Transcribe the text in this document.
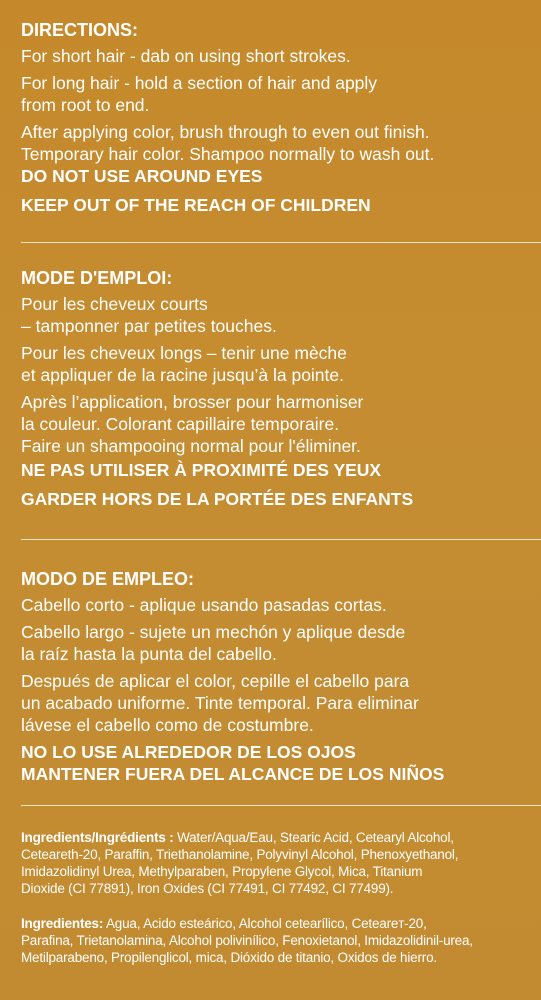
DIRECTIONS:
For short hair - dab on using short strokes.
For long hair - hold a section of hair and apply
from root to end.
After applying color, brush through to even out finish.
Temporary hair color. Shampoo normally to wash out.
DO NOT USE AROUND EYES
KEEP OUT OF THE REACH OF CHILDREN
MODE D'EMPLOI:
Pour les cheveux courts
– tamponner par petites touches.
Pour les cheveux longs – tenir une mèche
et appliquer de la racine jusqu’à la pointe.
Après l’application, brosser pour harmoniser
la couleur. Colorant capillaire temporaire.
Faire un shampooing normal pour l'éliminer.
NE PAS UTILISER À PROXIMITÉ DES YEUX
GARDER HORS DE LA PORTÉE DES ENFANTS
MODO DE EMPLEO:
Cabello corto - aplique usando pasadas cortas.
Cabello largo - sujete un mechón y aplique desde
la raíz hasta la punta del cabello.
Después de aplicar el color, cepille el cabello para
un acabado uniforme. Tinte temporal. Para eliminar
lávese el cabello como de costumbre.
NO LO USE ALREDEDOR DE LOS OJOS
MANTENER FUERA DEL ALCANCE DE LOS NIÑOS
Ingredients/Ingrédients : Water/Aqua/Eau, Stearic Acid, Cetearyl Alcohol,
Ceteareth-20, Paraffin, Triethanolamine, Polyvinyl Alcohol, Phenoxyethanol,
Imidazolidinyl Urea, Methylparaben, Propylene Glycol, Mica, Titanium
Dioxide (CI 77891), Iron Oxides (CI 77491, CI 77492, CI 77499).
Ingredientes: Agua, Acido esteárico, Alcohol cetearílico, Ceteareт-20,
Parafina, Trietanolamina, Alcohol polivinílico, Fenoxietanol, Imidazolidinil-urea,
Metilparabeno, Propilenglicol, mica, Dióxido de titanio, Oxidos de hierro.
